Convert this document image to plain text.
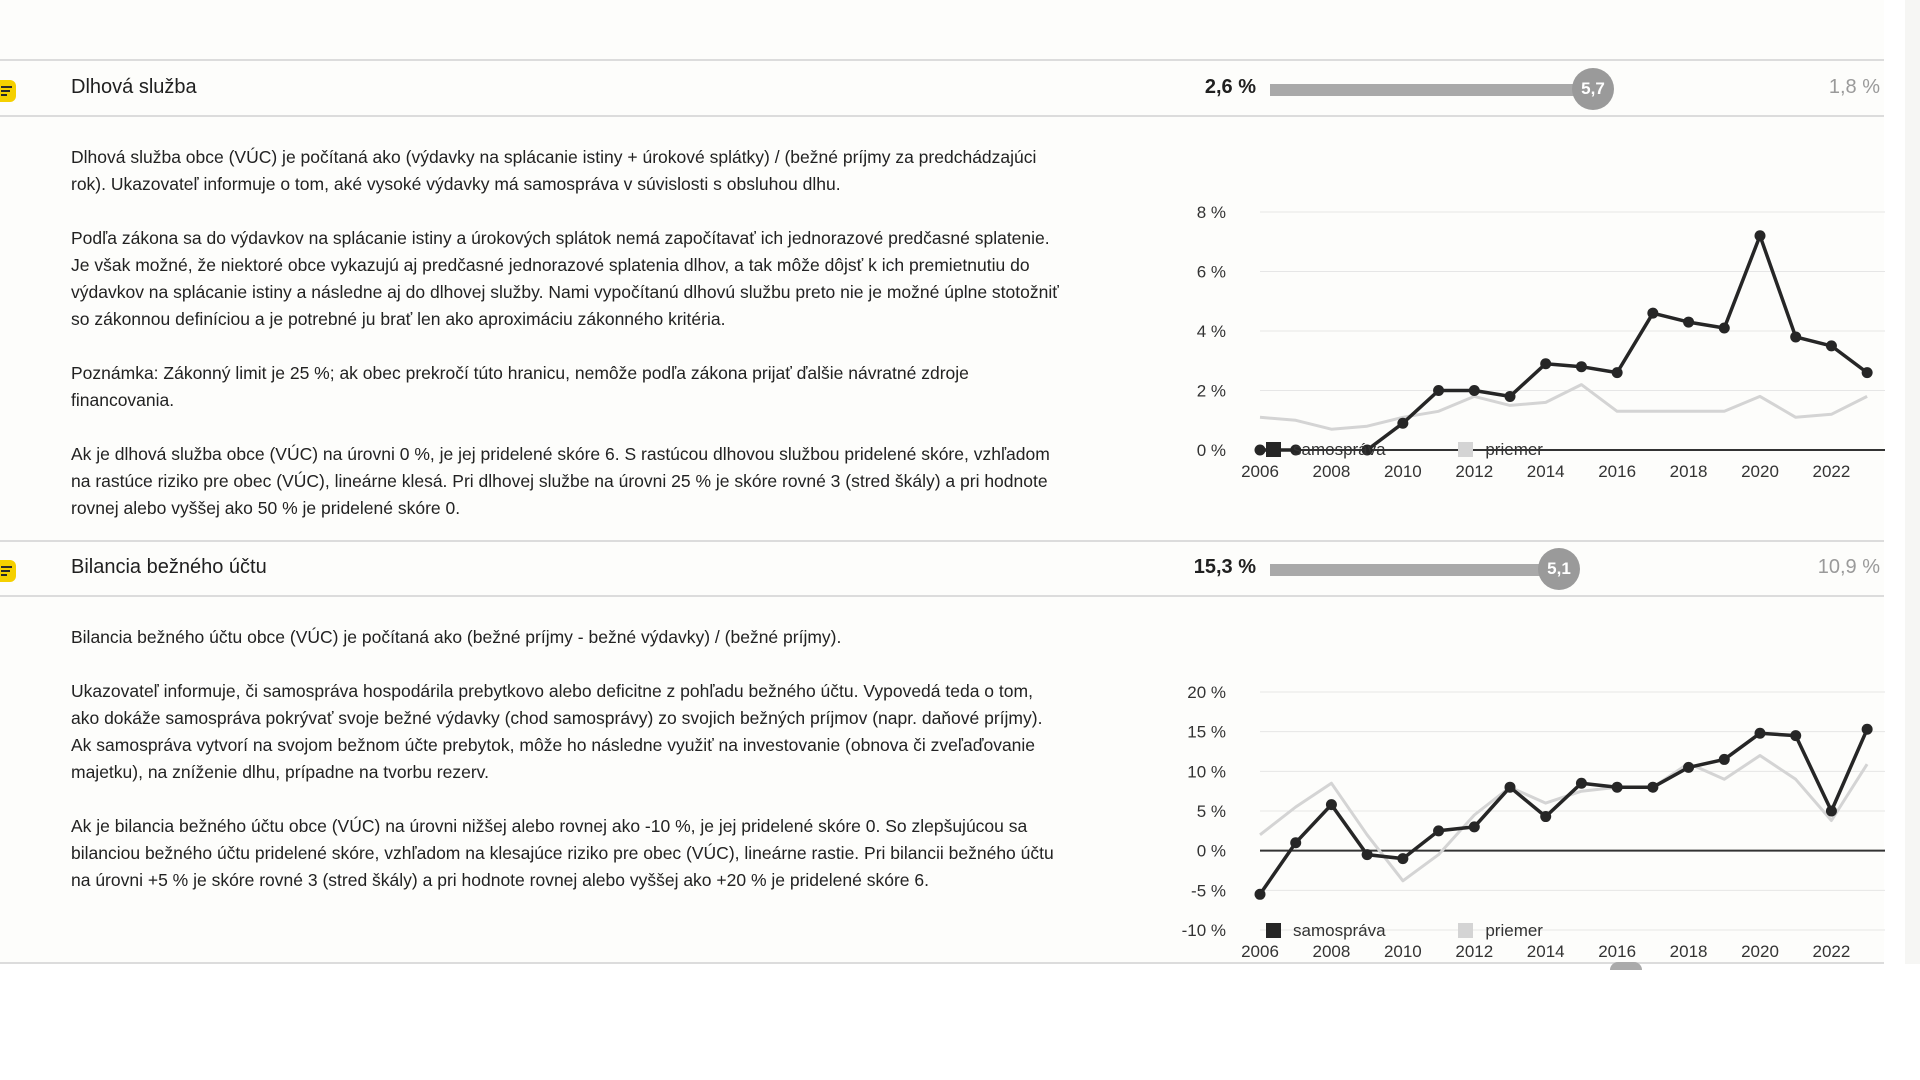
Dlhová služba	2,6 %	5,7	1,8 %

Dlhová služba obce (VÚC) je počítaná ako (výdavky na splácanie istiny + úrokové splátky) / (bežné príjmy za predchádzajúci rok). Ukazovateľ informuje o tom, aké vysoké výdavky má samospráva v súvislosti s obsluhou dlhu.

Podľa zákona sa do výdavkov na splácanie istiny a úrokových splátok nemá započítavať ich jednorazové predčasné splatenie. Je však možné, že niektoré obce vykazujú aj predčasné jednorazové splatenia dlhov, a tak môže dôjsť k ich premietnutiu do výdavkov na splácanie istiny a následne aj do dlhovej služby. Nami vypočítanú dlhovú službu preto nie je možné úplne stotožniť so zákonnou definíciou a je potrebné ju brať len ako aproximáciu zákonného kritéria.

Poznámka: Zákonný limit je 25 %; ak obec prekročí túto hranicu, nemôže podľa zákona prijať ďalšie návratné zdroje financovania.

Ak je dlhová služba obce (VÚC) na úrovni 0 %, je jej pridelené skóre 6. S rastúcou dlhovou službou pridelené skóre, vzhľadom na rastúce riziko pre obec (VÚC), lineárne klesá. Pri dlhovej službe na úrovni 25 % je skóre rovné 3 (stred škály) a pri hodnote rovnej alebo vyššej ako 50 % je pridelené skóre 0.

0 %
2 %
4 %
6 %
8 %
2006 2008 2010 2012 2014 2016 2018 2020 2022
samospráva	priemer
Bilancia bežného účtu	15,3 %	5,1	10,9 %

Bilancia bežného účtu obce (VÚC) je počítaná ako (bežné príjmy - bežné výdavky) / (bežné príjmy).

Ukazovateľ informuje, či samospráva hospodárila prebytkovo alebo deficitne z pohľadu bežného účtu. Vypovedá teda o tom, ako dokáže samospráva pokrývať svoje bežné výdavky (chod samosprávy) zo svojich bežných príjmov (napr. daňové príjmy). Ak samospráva vytvorí na svojom bežnom účte prebytok, môže ho následne využiť na investovanie (obnova či zveľaďovanie majetku), na zníženie dlhu, prípadne na tvorbu rezerv.

Ak je bilancia bežného účtu obce (VÚC) na úrovni nižšej alebo rovnej ako -10 %, je jej pridelené skóre 0. So zlepšujúcou sa bilanciou bežného účtu pridelené skóre, vzhľadom na klesajúce riziko pre obec (VÚC), lineárne rastie. Pri bilancii bežného účtu na úrovni +5 % je skóre rovné 3 (stred škály) a pri hodnote rovnej alebo vyššej ako +20 % je pridelené skóre 6.

-10 %
-5 %
0 %
5 %
10 %
15 %
20 %
2006 2008 2010 2012 2014 2016 2018 2020 2022
samospráva	priemer
